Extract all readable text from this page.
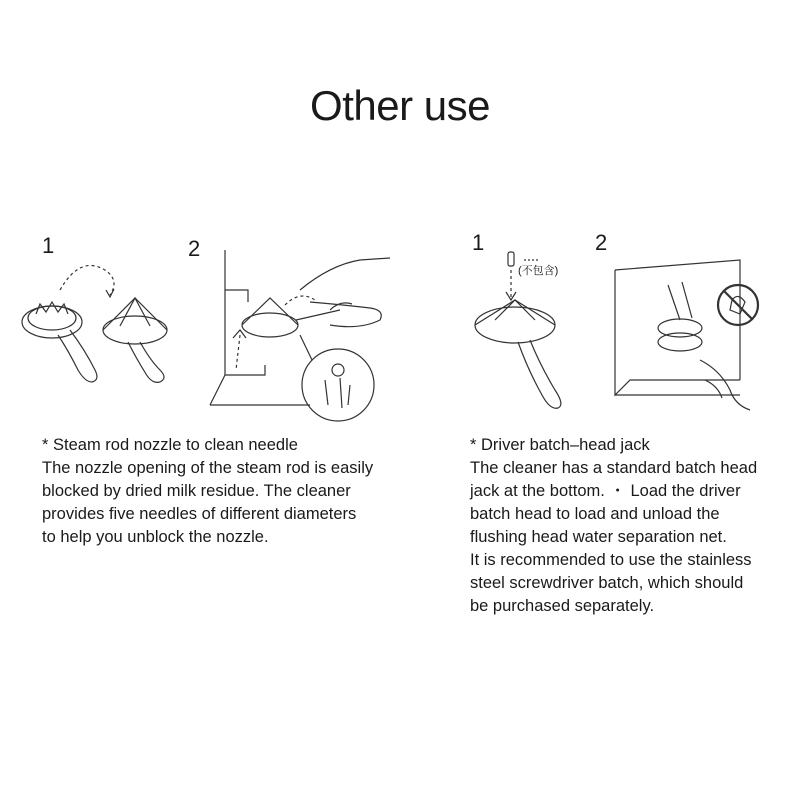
Other use
1	2

* Steam rod nozzle to clean needle

The nozzle opening of the steam rod is easily

blocked by dried milk residue. The cleaner

provides five needles of different diameters

to help you unblock the nozzle.

1	2
(不包含)

* Driver batch–head jack

The cleaner has a standard batch head

jack at the bottom. ・ Load the driver

batch head to load and unload the

flushing head water separation net.

It is recommended to use the stainless

steel screwdriver batch, which should

be purchased separately.
